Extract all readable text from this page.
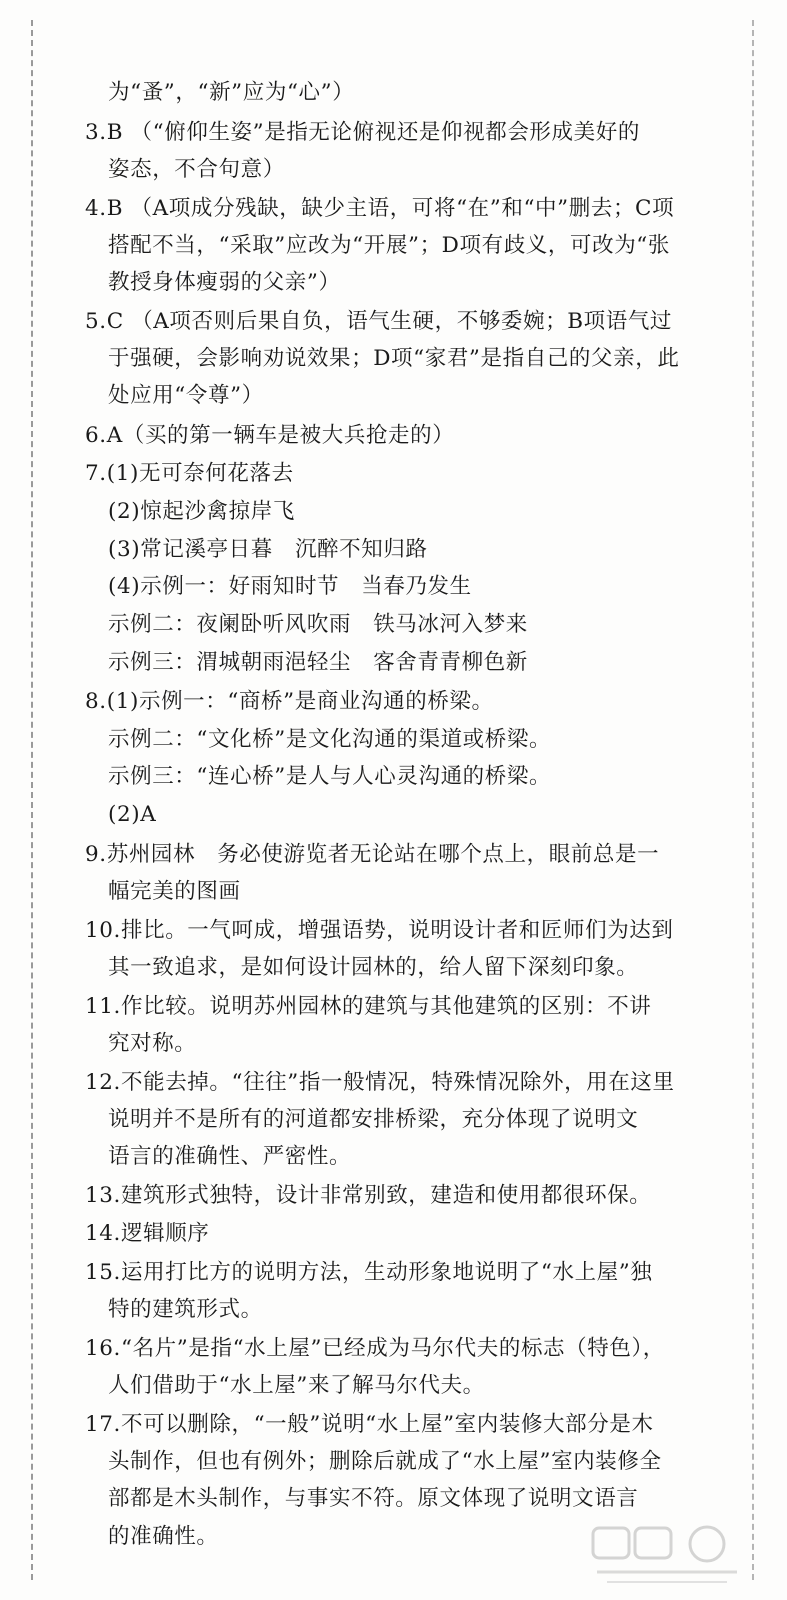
为“蚤”，“新”应为“心”）
3.B （“俯仰生姿”是指无论俯视还是仰视都会形成美好的
姿态，不合句意）
4.B （A项成分残缺，缺少主语，可将“在”和“中”删去；C项
搭配不当，“采取”应改为“开展”；D项有歧义，可改为“张
教授身体瘦弱的父亲”）
5.C （A项否则后果自负，语气生硬，不够委婉；B项语气过
于强硬，会影响劝说效果；D项“家君”是指自己的父亲，此
处应用“令尊”）
6.A（买的第一辆车是被大兵抢走的）
7.(1)无可奈何花落去
(2)惊起沙禽掠岸飞
(3)常记溪亭日暮　沉醉不知归路
(4)示例一：好雨知时节　当春乃发生
示例二：夜阑卧听风吹雨　铁马冰河入梦来
示例三：渭城朝雨浥轻尘　客舍青青柳色新
8.(1)示例一：“商桥”是商业沟通的桥梁。
示例二：“文化桥”是文化沟通的渠道或桥梁。
示例三：“连心桥”是人与人心灵沟通的桥梁。
(2)A
9.苏州园林　务必使游览者无论站在哪个点上，眼前总是一
幅完美的图画
10.排比。一气呵成，增强语势，说明设计者和匠师们为达到
其一致追求，是如何设计园林的，给人留下深刻印象。
11.作比较。说明苏州园林的建筑与其他建筑的区别：不讲
究对称。
12.不能去掉。“往往”指一般情况，特殊情况除外，用在这里
说明并不是所有的河道都安排桥梁，充分体现了说明文
语言的准确性、严密性。
13.建筑形式独特，设计非常别致，建造和使用都很环保。
14.逻辑顺序
15.运用打比方的说明方法，生动形象地说明了“水上屋”独
特的建筑形式。
16.“名片”是指“水上屋”已经成为马尔代夫的标志（特色），
人们借助于“水上屋”来了解马尔代夫。
17.不可以删除，“一般”说明“水上屋”室内装修大部分是木
头制作，但也有例外；删除后就成了“水上屋”室内装修全
部都是木头制作，与事实不符。原文体现了说明文语言
的准确性。
